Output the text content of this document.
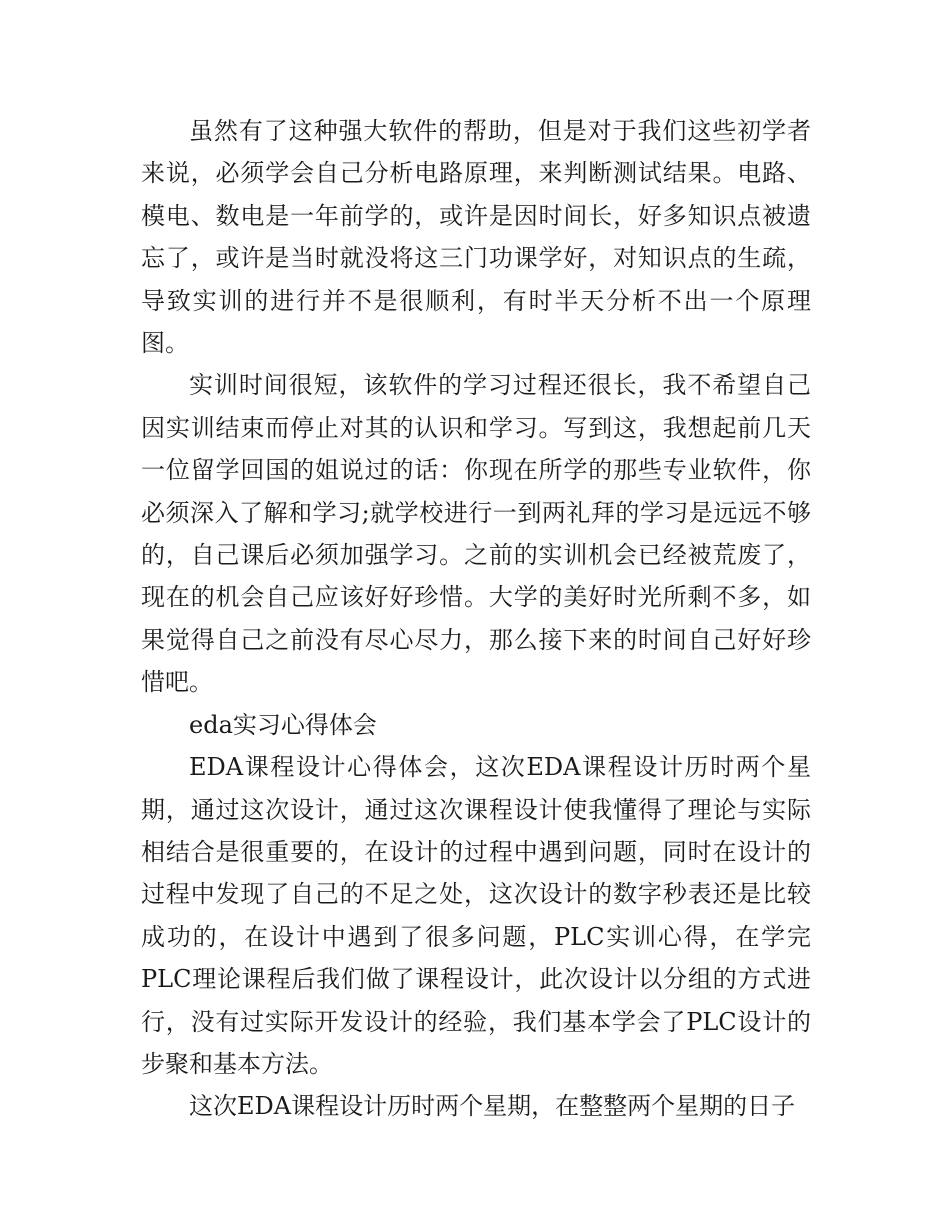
虽然有了这种强大软件的帮助，但是对于我们这些初学者来说，必须学会自己分析电路原理，来判断测试结果。电路、模电、数电是一年前学的，或许是因时间长，好多知识点被遗忘了，或许是当时就没将这三门功课学好，对知识点的生疏，导致实训的进行并不是很顺利，有时半天分析不出一个原理图。

实训时间很短，该软件的学习过程还很长，我不希望自己因实训结束而停止对其的认识和学习。写到这，我想起前几天一位留学回国的姐说过的话：你现在所学的那些专业软件，你必须深入了解和学习;就学校进行一到两礼拜的学习是远远不够的，自己课后必须加强学习。之前的实训机会已经被荒废了，现在的机会自己应该好好珍惜。大学的美好时光所剩不多，如果觉得自己之前没有尽心尽力，那么接下来的时间自己好好珍惜吧。

eda实习心得体会

EDA课程设计心得体会，这次EDA课程设计历时两个星期，通过这次设计，通过这次课程设计使我懂得了理论与实际相结合是很重要的，在设计的过程中遇到问题，同时在设计的过程中发现了自己的不足之处，这次设计的数字秒表还是比较成功的，在设计中遇到了很多问题，PLC实训心得，在学完PLC理论课程后我们做了课程设计，此次设计以分组的方式进行，没有过实际开发设计的经验，我们基本学会了PLC设计的步聚和基本方法。

这次EDA课程设计历时两个星期，在整整两个星期的日子
